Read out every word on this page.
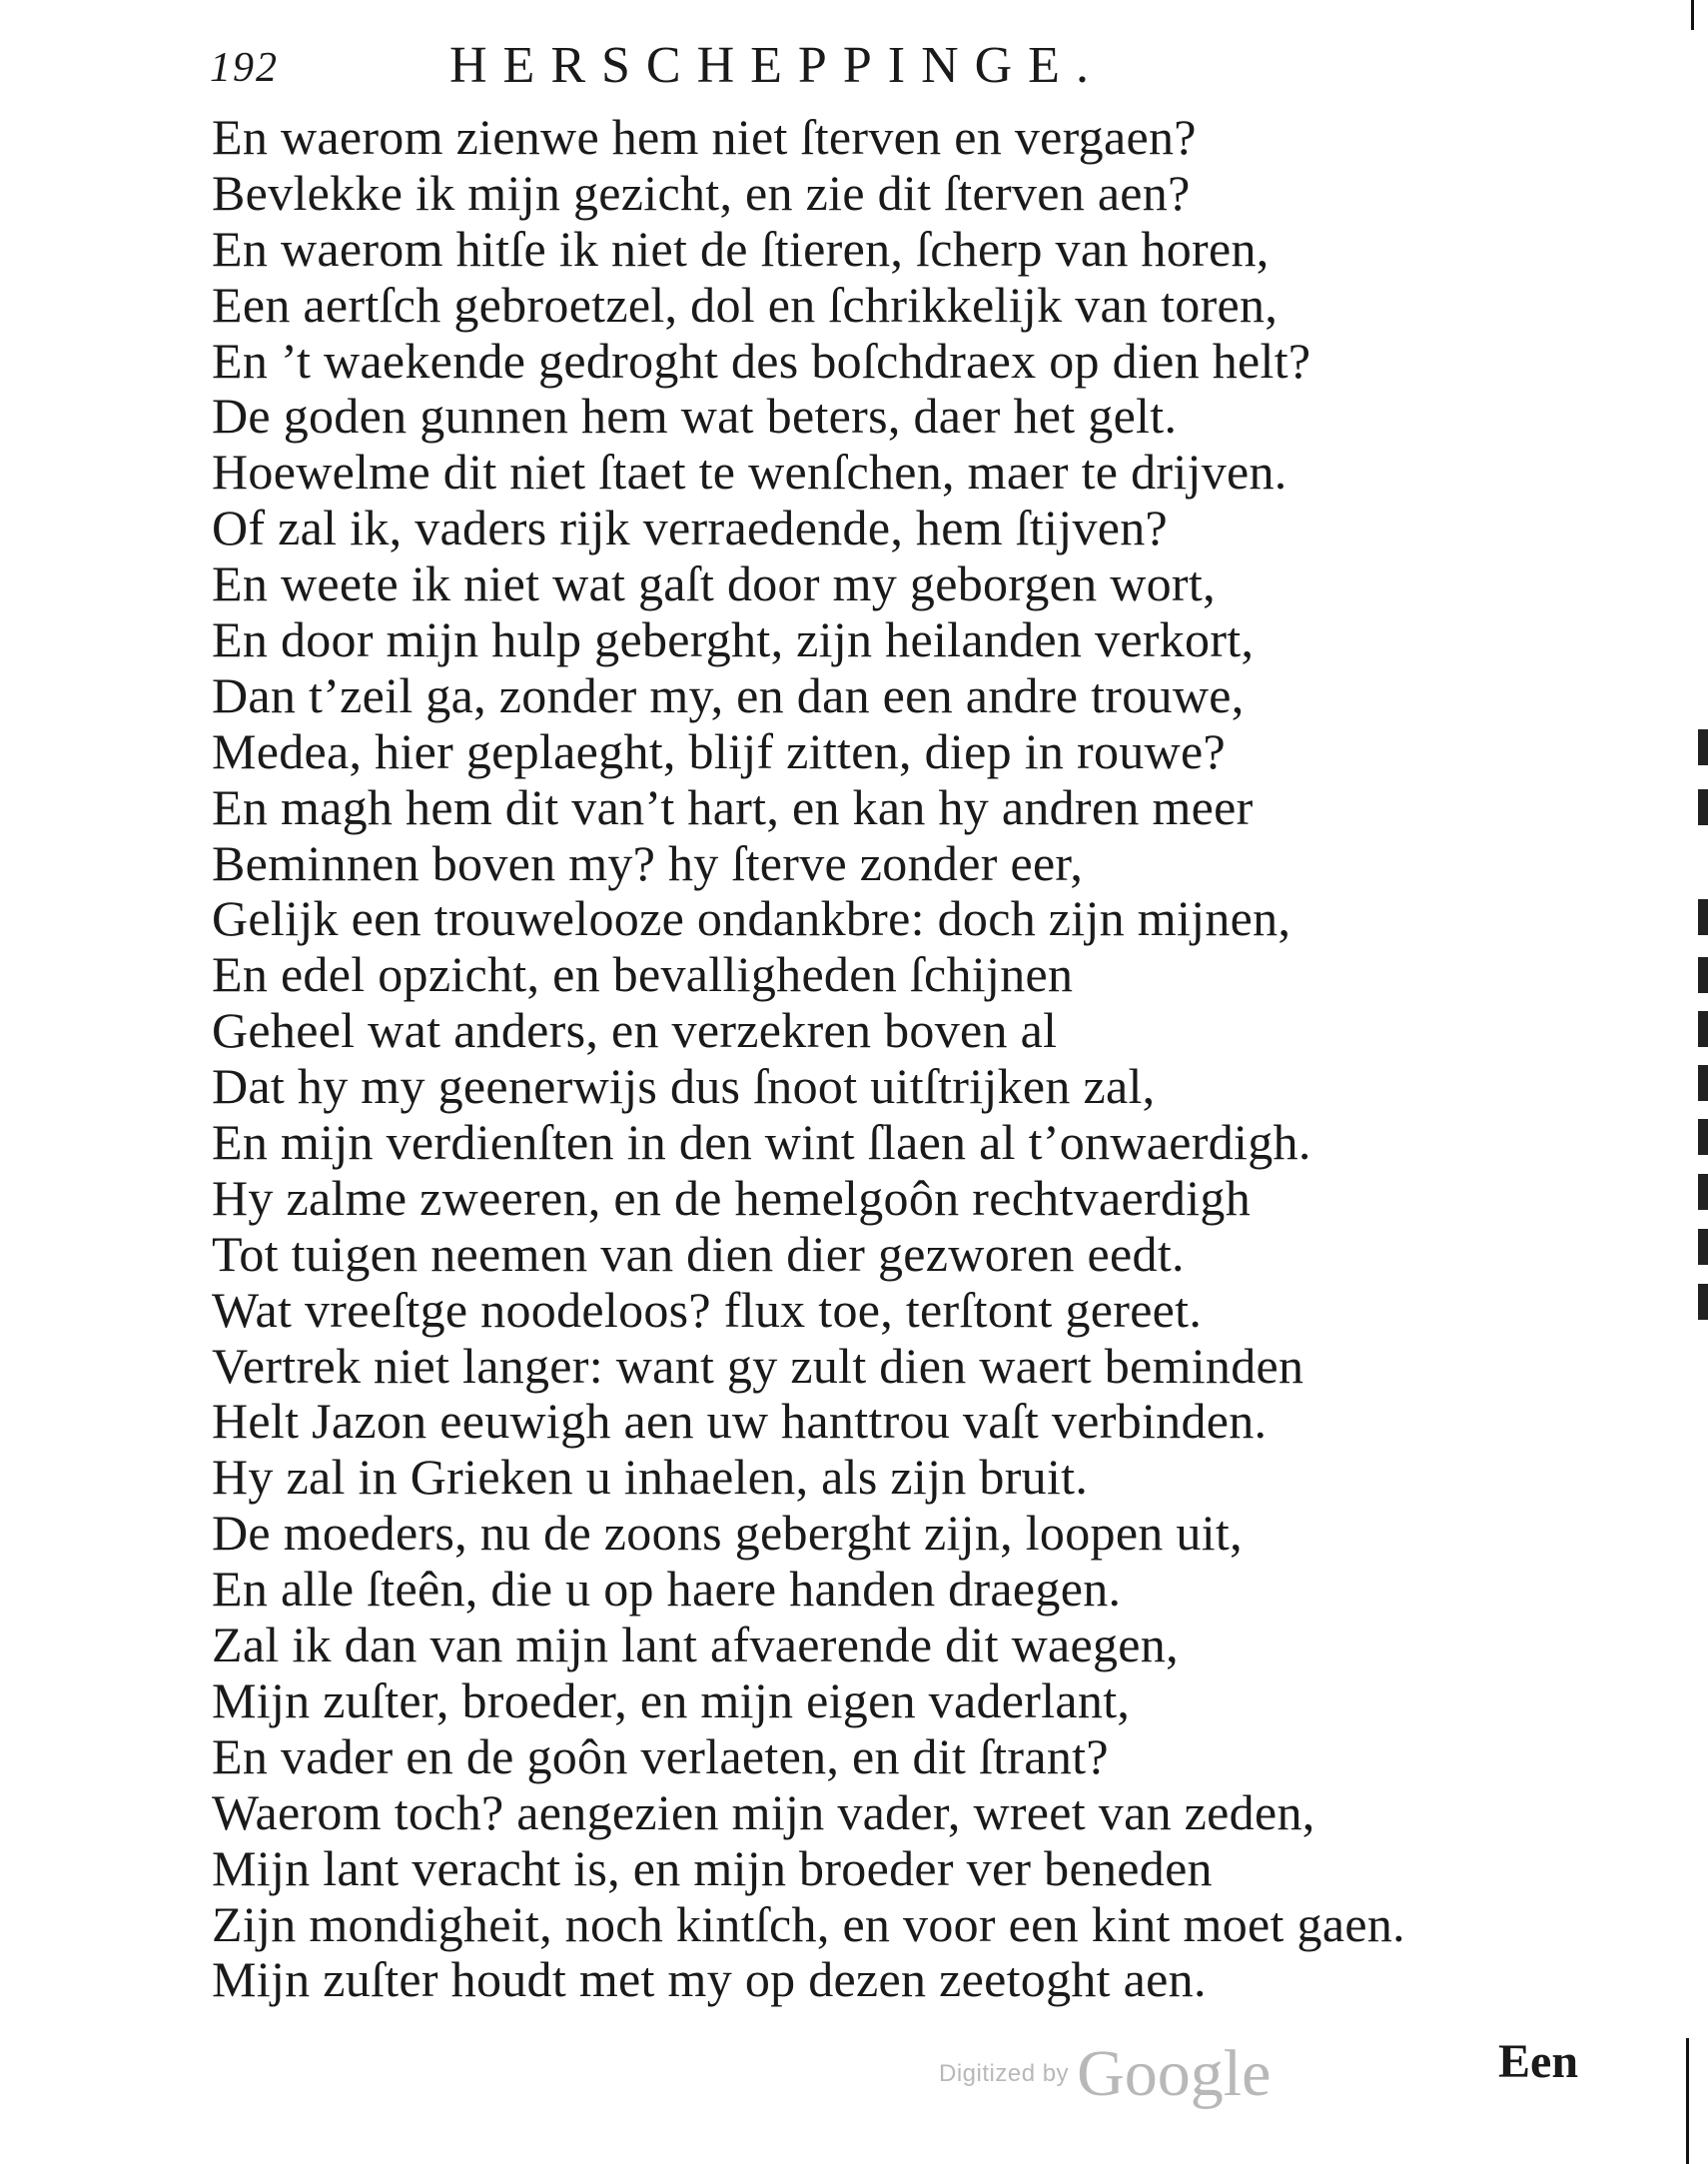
192	HERSCHEPPINGE.
En waerom zienwe hem niet ſterven en vergaen?
Bevlekke ik mijn gezicht, en zie dit ſterven aen?
En waerom hitſe ik niet de ſtieren, ſcherp van horen,
Een aertſch gebroetzel, dol en ſchrikkelijk van toren,
En ’t waekende gedroght des boſchdraex op dien helt?
De goden gunnen hem wat beters, daer het gelt.
Hoewelme dit niet ſtaet te wenſchen, maer te drijven.
Of zal ik, vaders rijk verraedende, hem ſtijven?
En weete ik niet wat gaſt door my geborgen wort,
En door mijn hulp geberght, zijn heilanden verkort,
Dan t’zeil ga, zonder my, en dan een andre trouwe,
Medea, hier geplaeght, blijf zitten, diep in rouwe?
En magh hem dit van’t hart, en kan hy andren meer
Beminnen boven my? hy ſterve zonder eer,
Gelijk een trouwelooze ondankbre: doch zijn mijnen,
En edel opzicht, en bevalligheden ſchijnen
Geheel wat anders, en verzekren boven al
Dat hy my geenerwijs dus ſnoot uitſtrijken zal,
En mijn verdienſten in den wint ſlaen al t’onwaerdigh.
Hy zalme zweeren, en de hemelgoôn rechtvaerdigh
Tot tuigen neemen van dien dier gezworen eedt.
Wat vreeſtge noodeloos? flux toe, terſtont gereet.
Vertrek niet langer: want gy zult dien waert beminden
Helt Jazon eeuwigh aen uw hanttrou vaſt verbinden.
Hy zal in Grieken u inhaelen, als zijn bruit.
De moeders, nu de zoons geberght zijn, loopen uit,
En alle ſteên, die u op haere handen draegen.
Zal ik dan van mijn lant afvaerende dit waegen,
Mijn zuſter, broeder, en mijn eigen vaderlant,
En vader en de goôn verlaeten, en dit ſtrant?
Waerom toch? aengezien mijn vader, wreet van zeden,
Mijn lant veracht is, en mijn broeder ver beneden
Zijn mondigheit, noch kintſch, en voor een kint moet gaen.
Mijn zuſter houdt met my op dezen zeetoght aen.
Digitized by Google	Een
